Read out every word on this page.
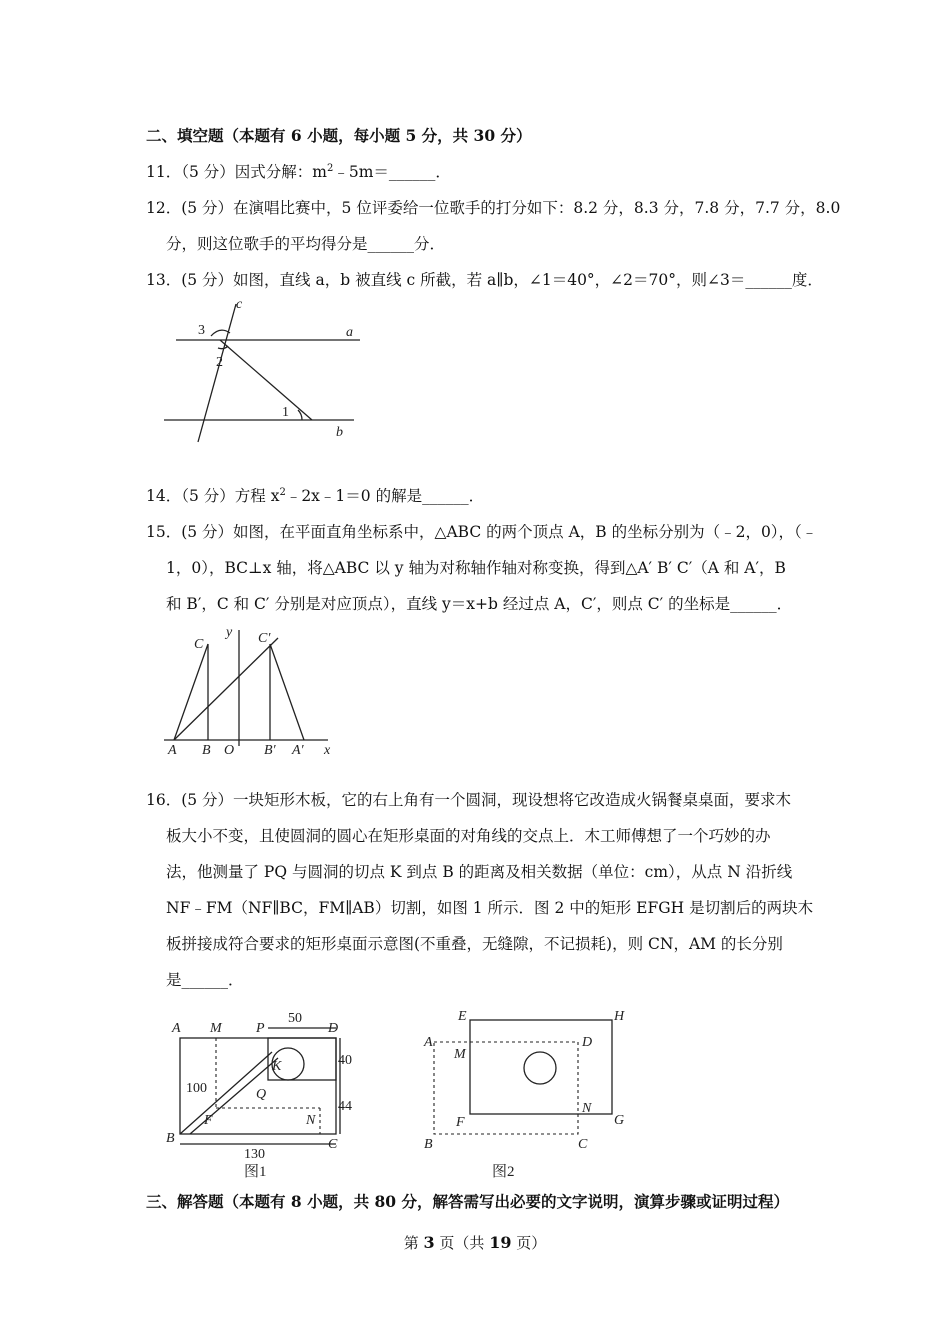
二、填空题（本题有 6 小题，每小题 5 分，共 30 分）
11．（5 分）因式分解：$m^2﹣5m=\_\_\_\_\_\_$．
12．(5 分）在演唱比赛中，5 位评委给一位歌手的打分如下：8.2 分，8.3 分，7.8 分，7.7 分，8.0
分，则这位歌手的平均得分是______分．
13．(5 分）如图，直线 a，b 被直线 c 所截，若 a∥b，∠1＝40°，∠2＝70°，则∠3＝______度．
c
a
b
3
2
1
14．（5 分）方程 $x^2﹣2x﹣1=0$ 的解是______．
15．(5 分）如图，在平面直角坐标系中，△ABC 的两个顶点 A，B 的坐标分别为（﹣2，0），（﹣
1，0），BC⊥x 轴，将△ABC 以 y 轴为对称轴作轴对称变换，得到△A′ B′ C′（A 和 A′，B
和 B′，C 和 C′ 分别是对应顶点），直线 y＝x+b 经过点 A，C′，则点 C′ 的坐标是______．
C
y C′
A B O B′ A′ x
16．(5 分）一块矩形木板，它的右上角有一个圆洞，现设想将它改造成火锅餐桌桌面，要求木
板大小不变，且使圆洞的圆心在矩形桌面的对角线的交点上．木工师傅想了一个巧妙的办
法，他测量了 PQ 与圆洞的切点 K 到点 B 的距离及相关数据（单位：cm），从点 N 沿折线
NF﹣FM（NF∥BC，FM∥AB）切割，如图 1 所示．图 2 中的矩形 EFGH 是切割后的两块木
板拼接成符合要求的矩形桌面示意图(不重叠，无缝隙，不记损耗)，则 CN，AM 的长分别
是______．
A M P	D
K
Q
F	N
B	C
50
40
44
100
130
图1
E	H
A
M
D
F
N
G
B	C
图2
三、解答题（本题有 8 小题，共 80 分，解答需写出必要的文字说明，演算步骤或证明过程）
第 3 页（共 19 页）
